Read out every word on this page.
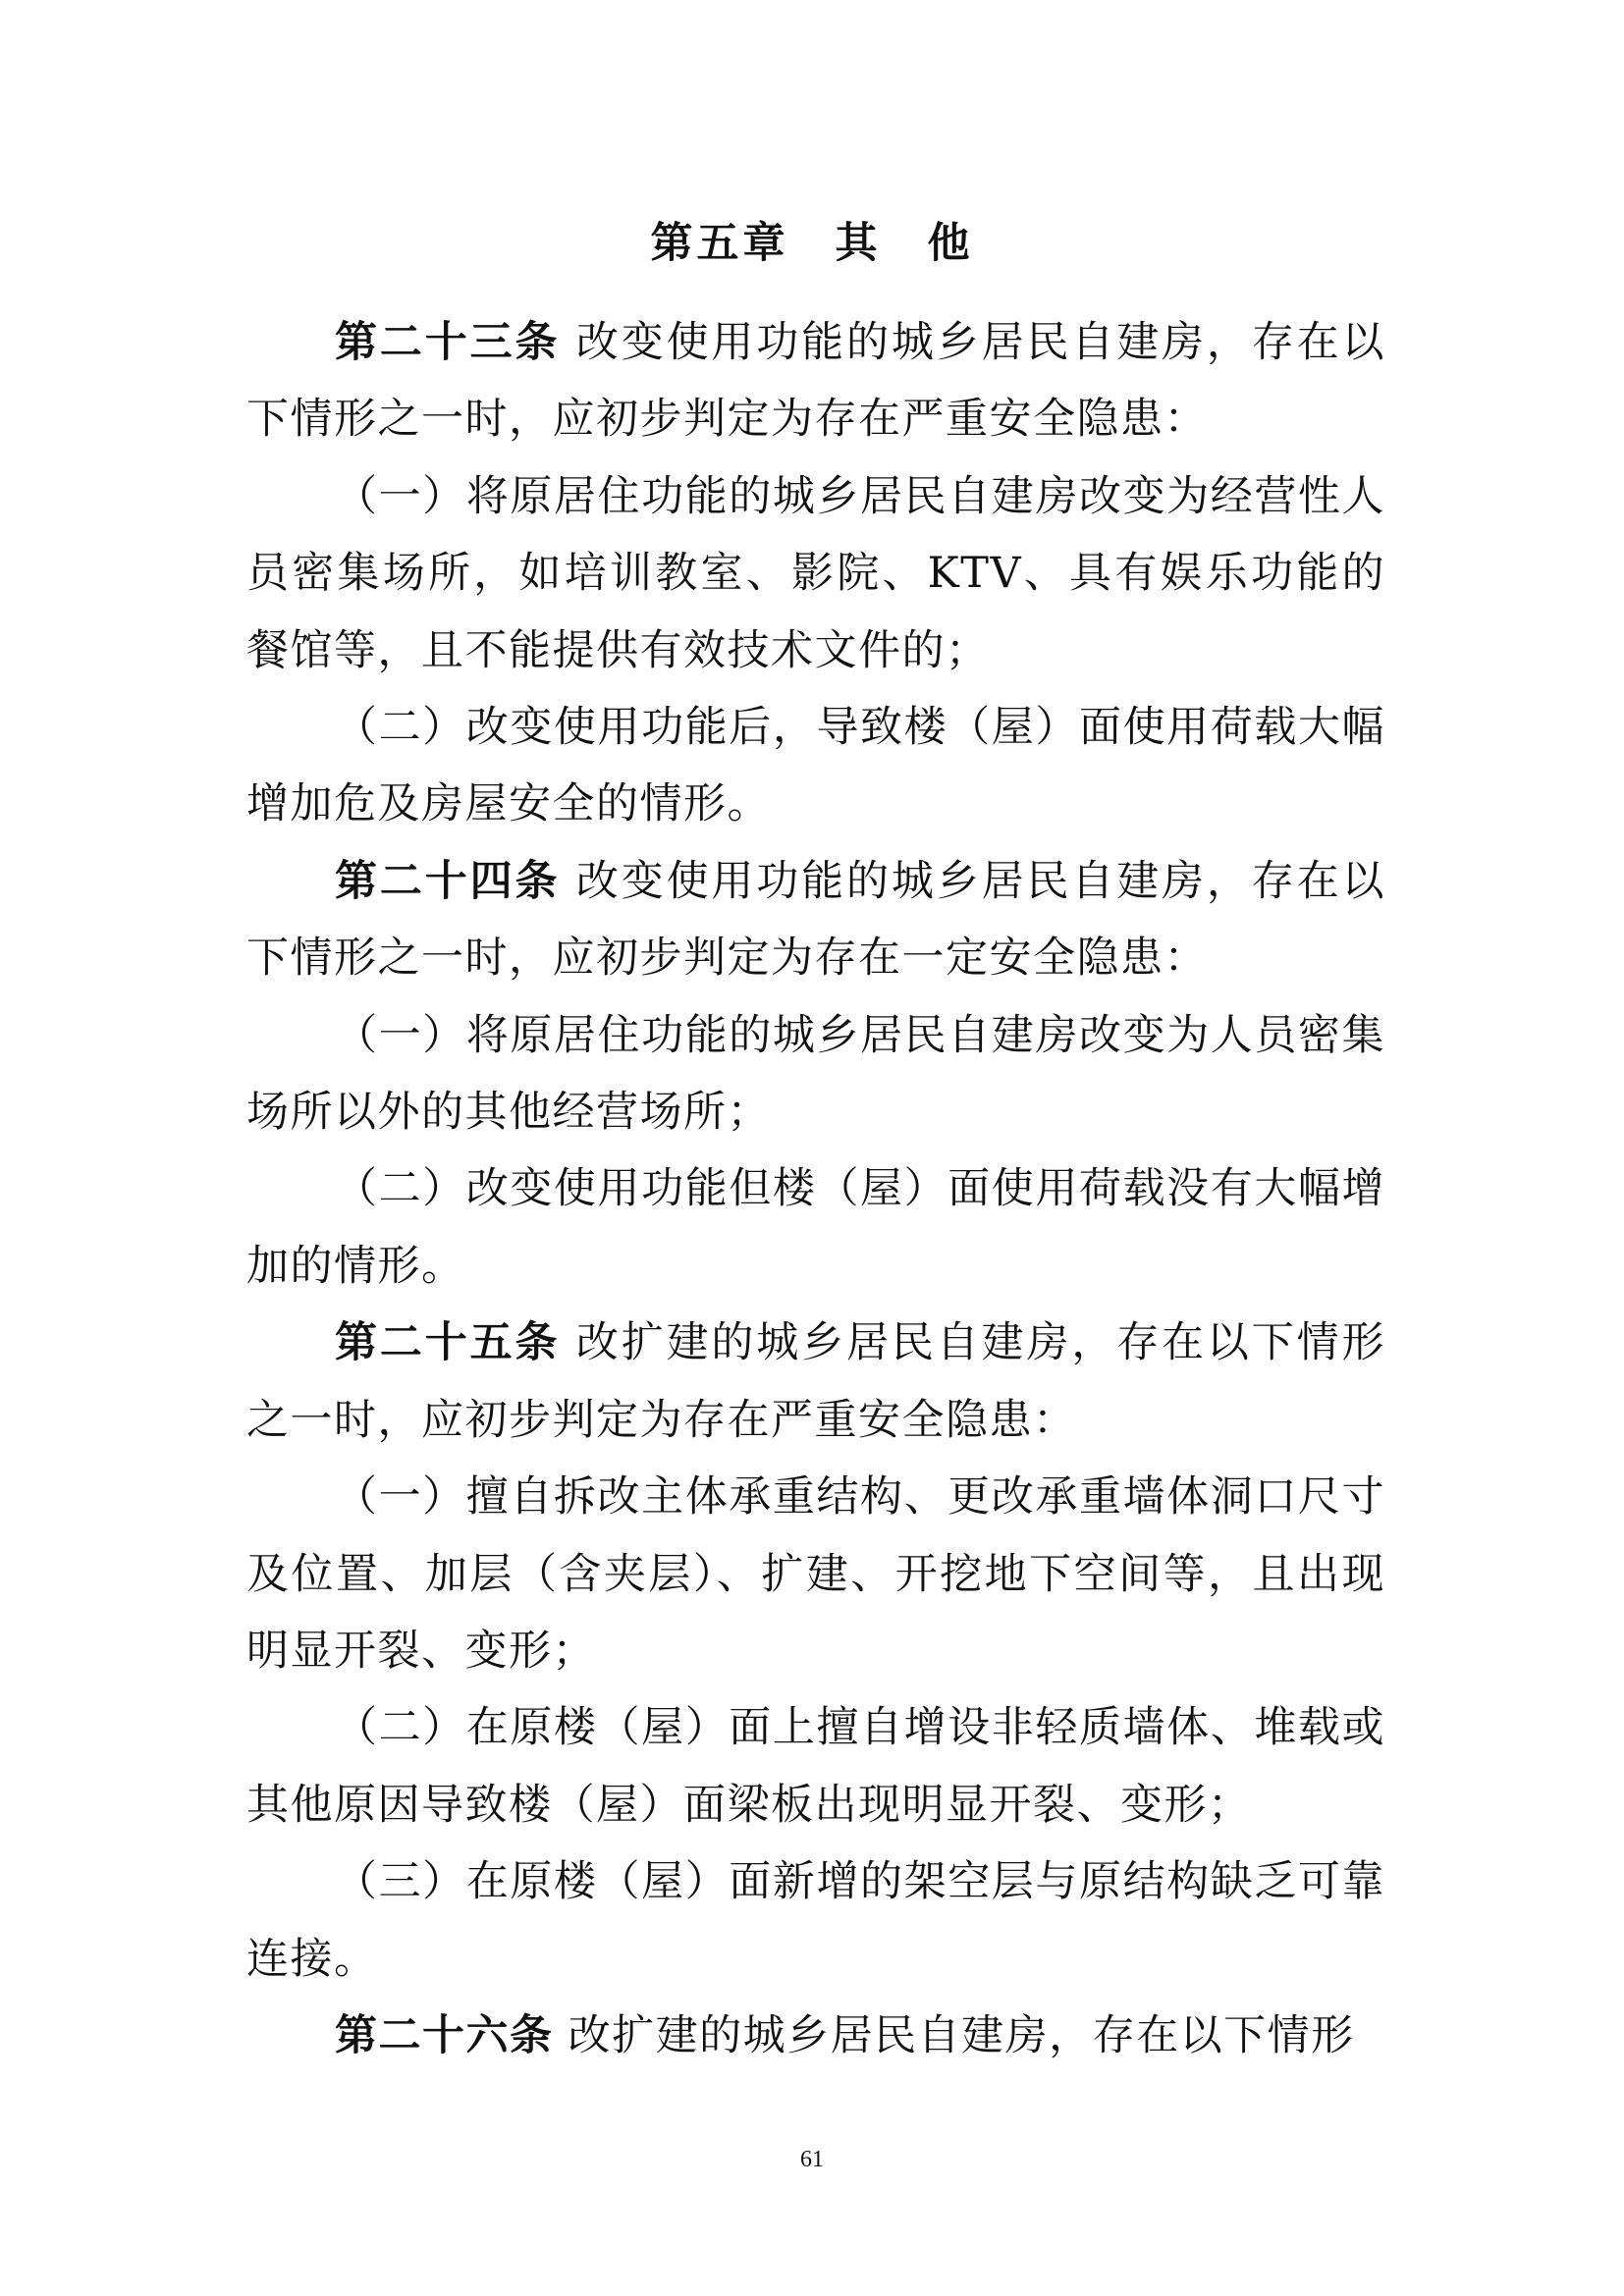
第五章　其　他

第二十三条 改变使用功能的城乡居民自建房，存在以下情形之一时，应初步判定为存在严重安全隐患：

（一）将原居住功能的城乡居民自建房改变为经营性人员密集场所，如培训教室、影院、KTV、具有娱乐功能的餐馆等，且不能提供有效技术文件的；

（二）改变使用功能后，导致楼（屋）面使用荷载大幅增加危及房屋安全的情形。

第二十四条 改变使用功能的城乡居民自建房，存在以下情形之一时，应初步判定为存在一定安全隐患：

（一）将原居住功能的城乡居民自建房改变为人员密集场所以外的其他经营场所；

（二）改变使用功能但楼（屋）面使用荷载没有大幅增加的情形。

第二十五条 改扩建的城乡居民自建房，存在以下情形之一时，应初步判定为存在严重安全隐患：

（一）擅自拆改主体承重结构、更改承重墙体洞口尺寸及位置、加层（含夹层）、扩建、开挖地下空间等，且出现明显开裂、变形；

（二）在原楼（屋）面上擅自增设非轻质墙体、堆载或其他原因导致楼（屋）面梁板出现明显开裂、变形；

（三）在原楼（屋）面新增的架空层与原结构缺乏可靠连接。

第二十六条 改扩建的城乡居民自建房，存在以下情形

61
